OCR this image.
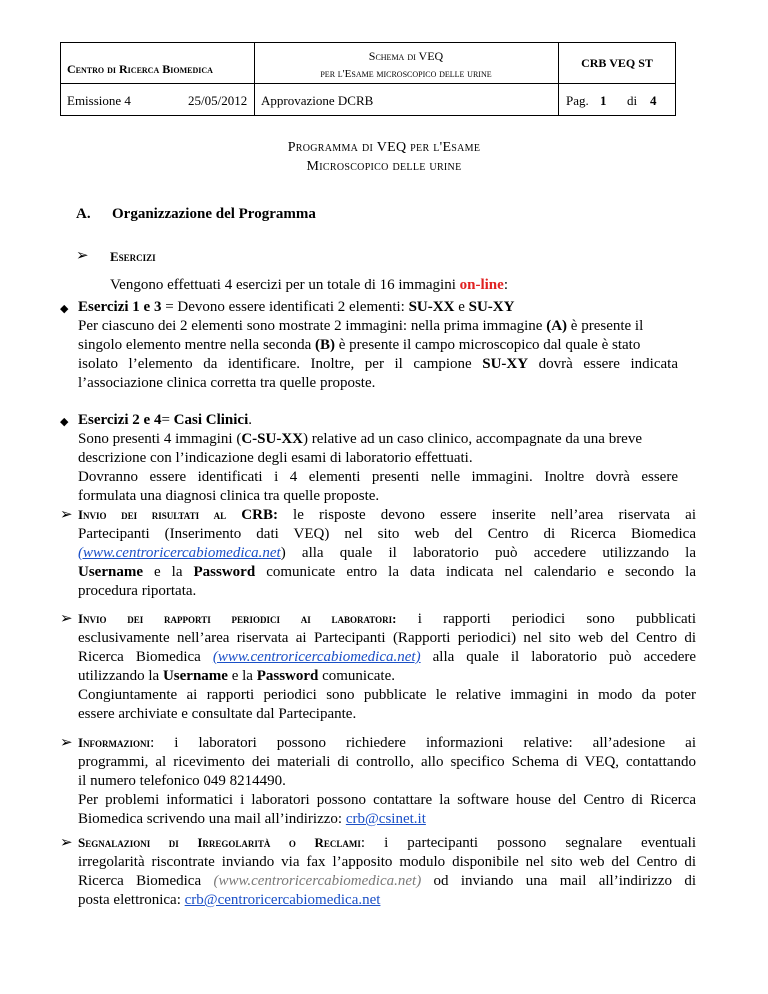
Centro di Ricerca Biomedica
Schema di VEQ
per l'Esame microscopico delle urine
CRB VEQ ST
Emissione 4	25/05/2012 Approvazione DCRB	Pag. 1 di 4
Programma di VEQ per l'Esame
Microscopico delle urine
A. Organizzazione del Programma
➢ Esercizi
Vengono effettuati 4 esercizi per un totale di 16 immagini on-line:
◆ Esercizi 1 e 3 = Devono essere identificati 2 elementi: SU-XX e SU-XY
Per ciascuno dei 2 elementi sono mostrate 2 immagini: nella prima immagine (A) è presente il
singolo elemento mentre nella seconda (B) è presente il campo microscopico dal quale è stato
isolato l’elemento da identificare. Inoltre, per il campione SU-XY dovrà essere indicata
l’associazione clinica corretta tra quelle proposte.
◆ Esercizi 2 e 4= Casi Clinici.
Sono presenti 4 immagini (C-SU-XX) relative ad un caso clinico, accompagnate da una breve
descrizione con l’indicazione degli esami di laboratorio effettuati.
Dovranno essere identificati i 4 elementi presenti nelle immagini. Inoltre dovrà essere
formulata una diagnosi clinica tra quelle proposte.
➢ Invio dei risultati al CRB: le risposte devono essere inserite nell’area riservata ai
Partecipanti (Inserimento dati VEQ) nel sito web del Centro di Ricerca Biomedica
(www.centroricercabiomedica.net) alla quale il laboratorio può accedere utilizzando la
Username e la Password comunicate entro la data indicata nel calendario e secondo la
procedura riportata.
➢ Invio dei rapporti periodici ai laboratori: i rapporti periodici sono pubblicati
esclusivamente nell’area riservata ai Partecipanti (Rapporti periodici) nel sito web del Centro di
Ricerca Biomedica (www.centroricercabiomedica.net) alla quale il laboratorio può accedere
utilizzando la Username e la Password comunicate.
Congiuntamente ai rapporti periodici sono pubblicate le relative immagini in modo da poter
essere archiviate e consultate dal Partecipante.
➢ Informazioni: i laboratori possono richiedere informazioni relative: all’adesione ai
programmi, al ricevimento dei materiali di controllo, allo specifico Schema di VEQ, contattando
il numero telefonico 049 8214490.
Per problemi informatici i laboratori possono contattare la software house del Centro di Ricerca
Biomedica scrivendo una mail all’indirizzo: crb@csinet.it
➢ Segnalazioni di Irregolarità o Reclami: i partecipanti possono segnalare eventuali
irregolarità riscontrate inviando via fax l’apposito modulo disponibile nel sito web del Centro di
Ricerca Biomedica (www.centroricercabiomedica.net) od inviando una mail all’indirizzo di
posta elettronica: crb@centroricercabiomedica.net
